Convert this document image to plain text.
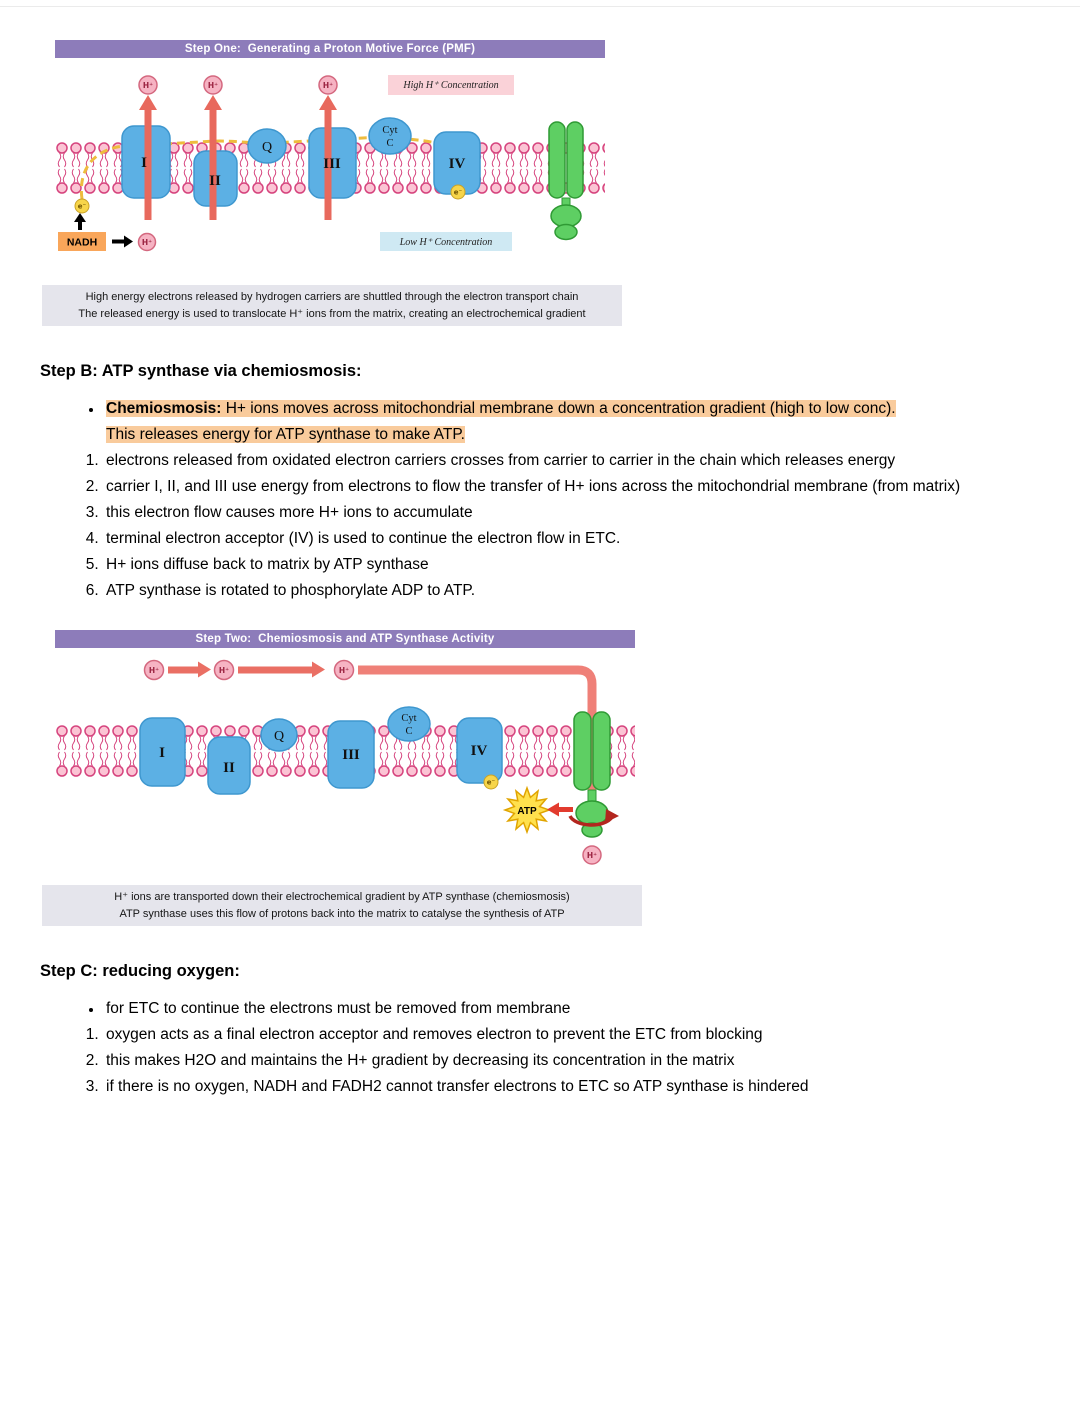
Step One:  Generating a Proton Motive Force (PMF)
H⁺	H⁺	H⁺	High H⁺ Concentration
Low H⁺ Concentration
I
II
Q
III
Cyt
C
IV
e⁻
e⁻
NADH	H⁺
High energy electrons released by hydrogen carriers are shuttled through the electron transport chain
The released energy is used to translocate H⁺ ions from the matrix, creating an electrochemical gradient
Step B: ATP synthase via chemiosmosis:
• Chemiosmosis: H+ ions moves across mitochondrial membrane down a concentration gradient (high to low conc). This releases energy for ATP synthase to make ATP.
1. electrons released from oxidated electron carriers crosses from carrier to carrier in the chain which releases energy
2. carrier I, II, and III use energy from electrons to flow the transfer of H+ ions across the mitochondrial membrane (from matrix)
3. this electron flow causes more H+ ions to accumulate
4. terminal electron acceptor (IV) is used to continue the electron flow in ETC.
5. H+ ions diffuse back to matrix by ATP synthase
6. ATP synthase is rotated to phosphorylate ADP to ATP.
Step Two:  Chemiosmosis and ATP Synthase Activity
H⁺	H⁺	H⁺
I
II
Q
III
Cyt
C
IV
e⁻
ATP
H⁺
H⁺ ions are transported down their electrochemical gradient by ATP synthase (chemiosmosis)
ATP synthase uses this flow of protons back into the matrix to catalyse the synthesis of ATP
Step C: reducing oxygen:
• for ETC to continue the electrons must be removed from membrane
1. oxygen acts as a final electron acceptor and removes electron to prevent the ETC from blocking
2. this makes H2O and maintains the H+ gradient by decreasing its concentration in the matrix
3. if there is no oxygen, NADH and FADH2 cannot transfer electrons to ETC so ATP synthase is hindered
